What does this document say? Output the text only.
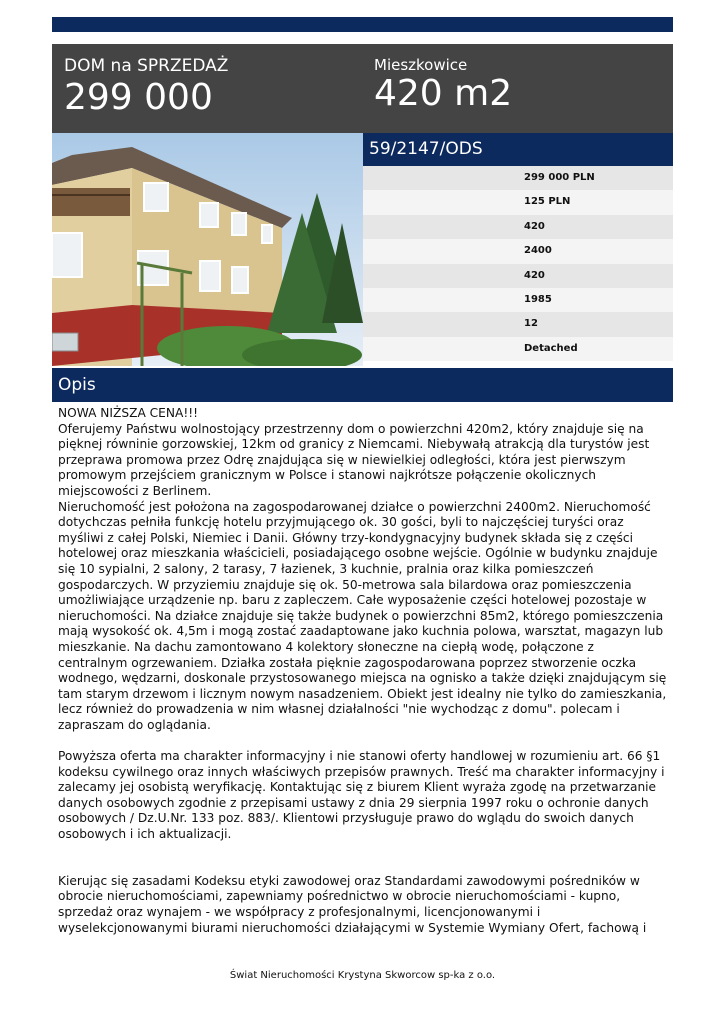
DOM na SPRZEDAŻ
299 000
Mieszkowice
420 m2
59/2147/ODS
299 000 PLN
125 PLN
420
2400
420
1985
12
Detached
Opis

NOWA NIŻSZA CENA!!!
Oferujemy Państwu wolnostojący przestrzenny dom o powierzchni 420m2, który znajduje się na
pięknej równinie gorzowskiej, 12km od granicy z Niemcami. Niebywałą atrakcją dla turystów jest
przeprawa promowa przez Odrę znajdująca się w niewielkiej odległości, która jest pierwszym
promowym przejściem granicznym w Polsce i stanowi najkrótsze połączenie okolicznych
miejscowości z Berlinem.
Nieruchomość jest położona na zagospodarowanej działce o powierzchni 2400m2. Nieruchomość
dotychczas pełniła funkcję hotelu przyjmującego ok. 30 gości, byli to najczęściej turyści oraz
myśliwi z całej Polski, Niemiec i Danii. Główny trzy-kondygnacyjny budynek składa się z części
hotelowej oraz mieszkania właścicieli, posiadającego osobne wejście. Ogólnie w budynku znajduje
się 10 sypialni, 2 salony, 2 tarasy, 7 łazienek, 3 kuchnie, pralnia oraz kilka pomieszczeń
gospodarczych. W przyziemiu znajduje się ok. 50-metrowa sala bilardowa oraz pomieszczenia
umożliwiające urządzenie np. baru z zapleczem. Całe wyposażenie części hotelowej pozostaje w
nieruchomości. Na działce znajduje się także budynek o powierzchni 85m2, którego pomieszczenia
mają wysokość ok. 4,5m i mogą zostać zaadaptowane jako kuchnia polowa, warsztat, magazyn lub
mieszkanie. Na dachu zamontowano 4 kolektory słoneczne na ciepłą wodę, połączone z
centralnym ogrzewaniem. Działka została pięknie zagospodarowana poprzez stworzenie oczka
wodnego, wędzarni, doskonale przystosowanego miejsca na ognisko a także dzięki znajdującym się
tam starym drzewom i licznym nowym nasadzeniem. Obiekt jest idealny nie tylko do zamieszkania,
lecz również do prowadzenia w nim własnej działalności "nie wychodząc z domu". polecam i
zapraszam do oglądania.

Powyższa oferta ma charakter informacyjny i nie stanowi oferty handlowej w rozumieniu art. 66 §1
kodeksu cywilnego oraz innych właściwych przepisów prawnych. Treść ma charakter informacyjny i
zalecamy jej osobistą weryfikację. Kontaktując się z biurem Klient wyraża zgodę na przetwarzanie
danych osobowych zgodnie z przepisami ustawy z dnia 29 sierpnia 1997 roku o ochronie danych
osobowych / Dz.U.Nr. 133 poz. 883/. Klientowi przysługuje prawo do wglądu do swoich danych
osobowych i ich aktualizacji.

Kierując się zasadami Kodeksu etyki zawodowej oraz Standardami zawodowymi pośredników w
obrocie nieruchomościami, zapewniamy pośrednictwo w obrocie nieruchomościami - kupno,
sprzedaż oraz wynajem - we współpracy z profesjonalnymi, licencjonowanymi i
wyselekcjonowanymi biurami nieruchomości działającymi w Systemie Wymiany Ofert, fachową i

Świat Nieruchomości Krystyna Skworcow sp-ka z o.o.
